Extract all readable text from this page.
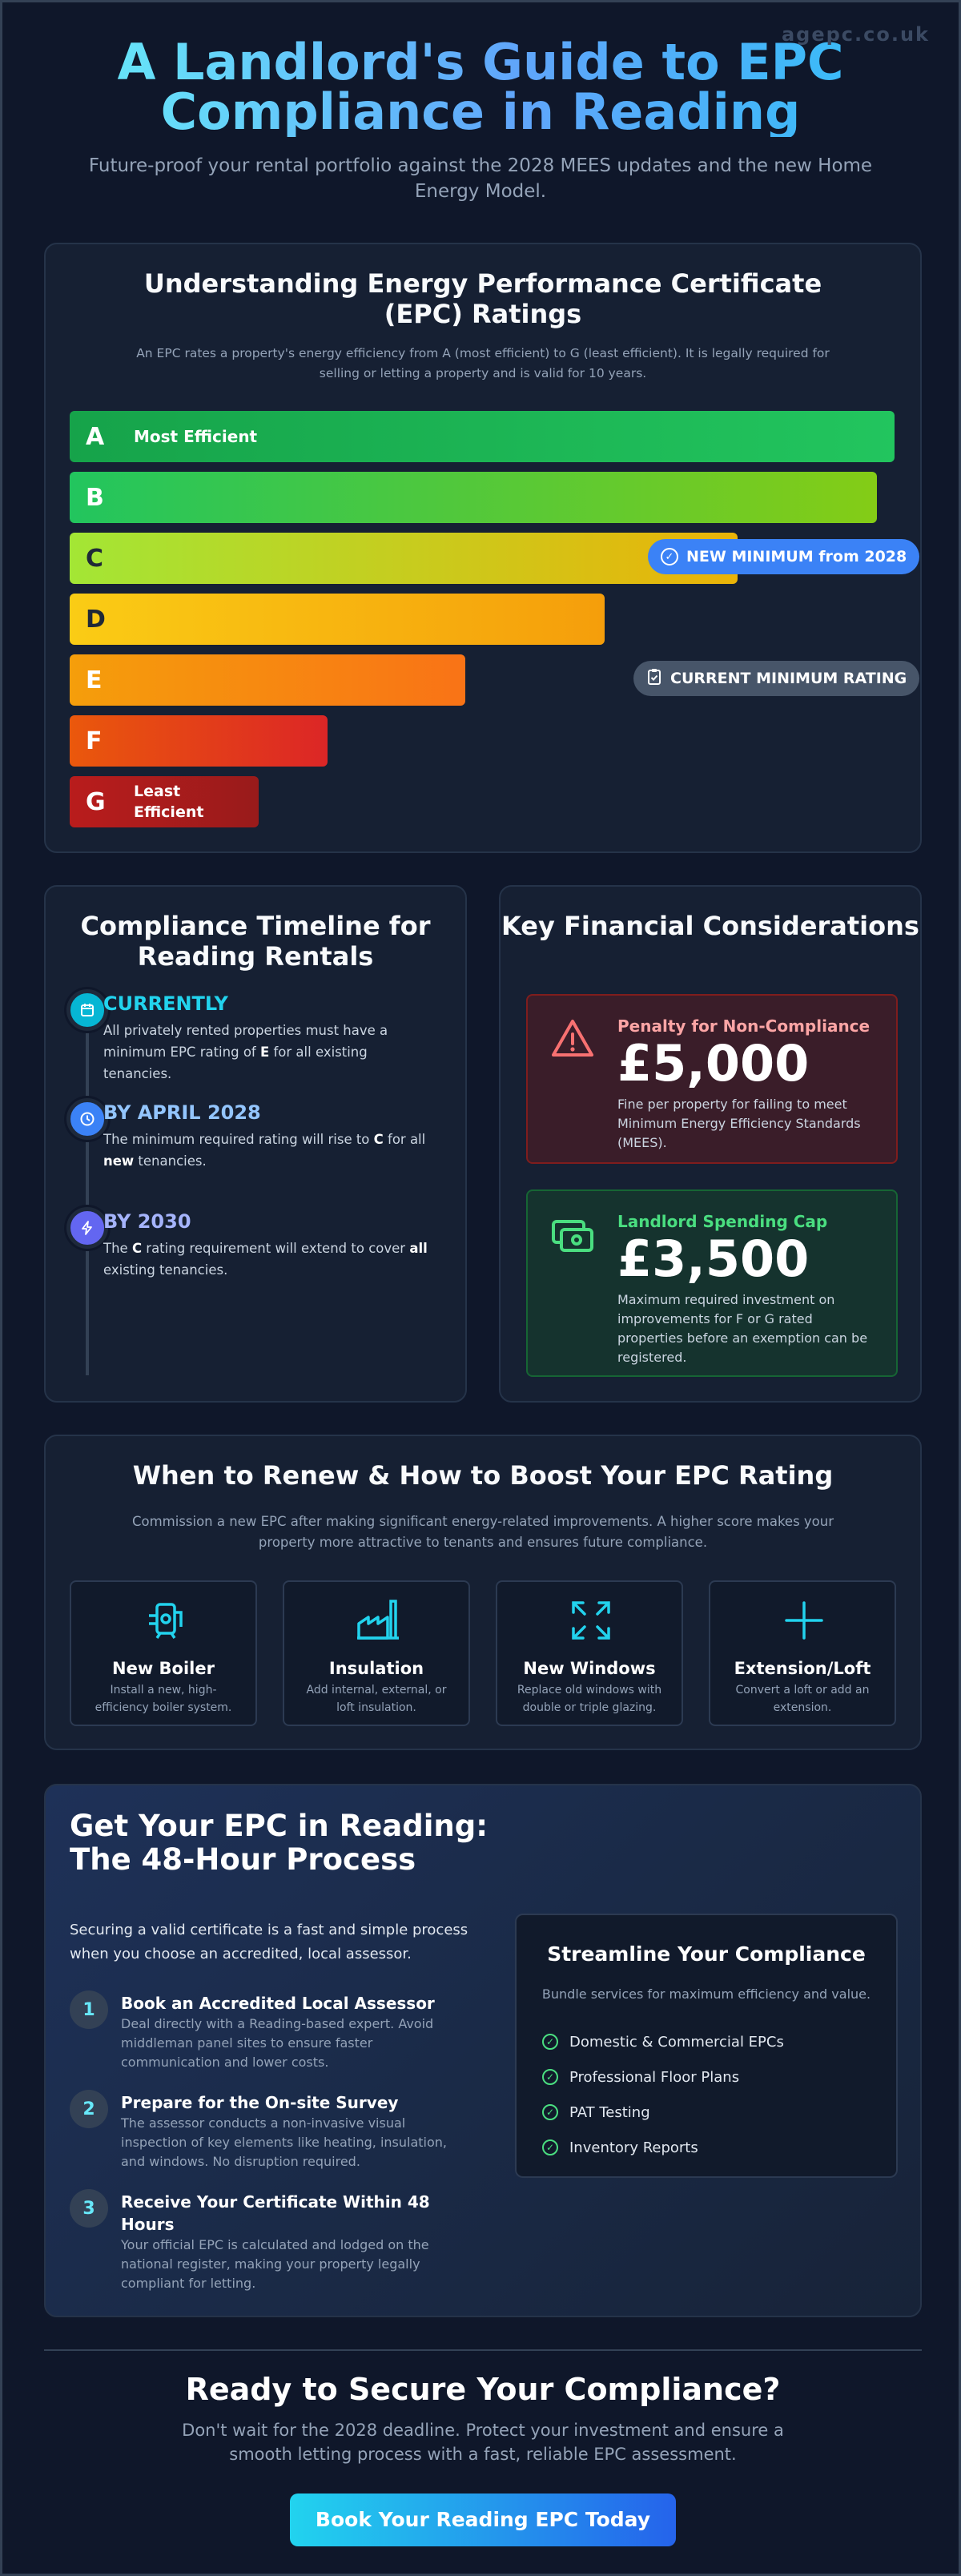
agepc.co.uk
A Landlord's Guide to EPC Compliance in Reading

Future-proof your rental portfolio against the 2028 MEES updates and the new Home Energy Model.

Understanding Energy Performance Certificate (EPC) Ratings
An EPC rates a property's energy efficiency from A (most efficient) to G (least efficient). It is legally required for selling or letting a property and is valid for 10 years.
A	Most Efficient
B
C
D
E
F
G	Least Efficient
✓ NEW MINIMUM from 2028
CURRENT MINIMUM RATING
Compliance Timeline for Reading Rentals
CURRENTLY
All privately rented properties must have a minimum EPC rating of E for all existing tenancies.
BY APRIL 2028
The minimum required rating will rise to C for all new tenancies.
BY 2030
The C rating requirement will extend to cover all existing tenancies.
Key Financial Considerations
Penalty for Non-Compliance
£5,000
Fine per property for failing to meet Minimum Energy Efficiency Standards (MEES).
Landlord Spending Cap
£3,500
Maximum required investment on improvements for F or G rated properties before an exemption can be registered.
When to Renew & How to Boost Your EPC Rating
Commission a new EPC after making significant energy-related improvements. A higher score makes your property more attractive to tenants and ensures future compliance.
New Boiler
Install a new, high-efficiency boiler system.
Insulation
Add internal, external, or loft insulation.
New Windows
Replace old windows with double or triple glazing.
Extension/Loft
Convert a loft or add an extension.
Get Your EPC in Reading: The 48-Hour Process
Securing a valid certificate is a fast and simple process when you choose an accredited, local assessor.
1	Book an Accredited Local Assessor
Deal directly with a Reading-based expert. Avoid middleman panel sites to ensure faster communication and lower costs.
2	Prepare for the On-site Survey
The assessor conducts a non-invasive visual inspection of key elements like heating, insulation, and windows. No disruption required.
3	Receive Your Certificate Within 48 Hours
Your official EPC is calculated and lodged on the national register, making your property legally compliant for letting.
Streamline Your Compliance
Bundle services for maximum efficiency and value.
✓ Domestic & Commercial EPCs
✓ Professional Floor Plans
✓ PAT Testing
✓ Inventory Reports
Ready to Secure Your Compliance?

Don't wait for the 2028 deadline. Protect your investment and ensure a smooth letting process with a fast, reliable EPC assessment.

Book Your Reading EPC Today
